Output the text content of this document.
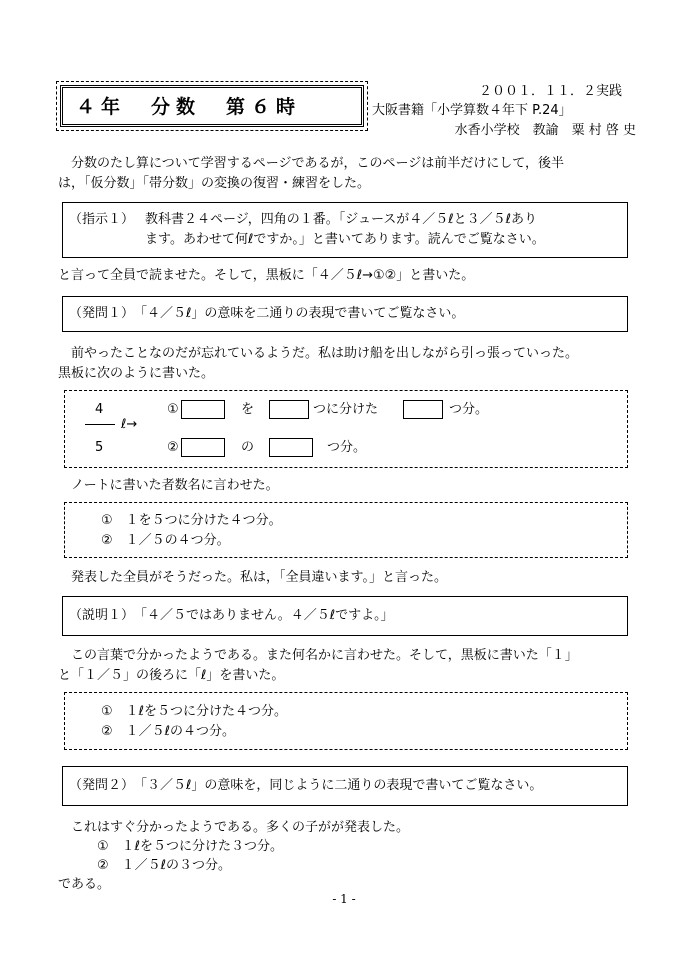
４年　分数　第６時
２００１．１１．２実践
大阪書籍「小学算数４年下 P.24」
水香小学校　教諭　粟 村 啓 史
　分数のたし算について学習するページであるが，このページは前半だけにして，後半
は，「仮分数」「帯分数」の変換の復習・練習をした。
（指示１） 教科書２４ページ，四角の１番。「ジュースが４／５ℓと３／５ℓあり
ます。あわせて何ℓですか。」と書いてあります。読んでご覧なさい。
と言って全員で読ませた。そして，黒板に「４／５ℓ→①②」と書いた。
（発問１）　「４／５ℓ」の意味を二通りの表現で書いてご覧なさい。
　前やったことなのだが忘れているようだ。私は助け船を出しながら引っ張っていった。
黒板に次のように書いた。
4
5
ℓ→
①	を	つに分けた	つ分。
②	の	つ分。
　ノートに書いた者数名に言わせた。
①　１を５つに分けた４つ分。
②　１／５の４つ分。
　発表した全員がそうだった。私は，「全員違います。」と言った。
（説明１）　「４／５ではありません。４／５ℓですよ。」
　この言葉で分かったようである。また何名かに言わせた。そして，黒板に書いた「１」
と「１／５」の後ろに「ℓ」を書いた。
①　１ℓを５つに分けた４つ分。
②　１／５ℓの４つ分。
（発問２）　「３／５ℓ」の意味を，同じように二通りの表現で書いてご覧なさい。
　これはすぐ分かったようである。多くの子がが発表した。
　　　①　１ℓを５つに分けた３つ分。
　　　②　１／５ℓの３つ分。
である。
- 1 -
